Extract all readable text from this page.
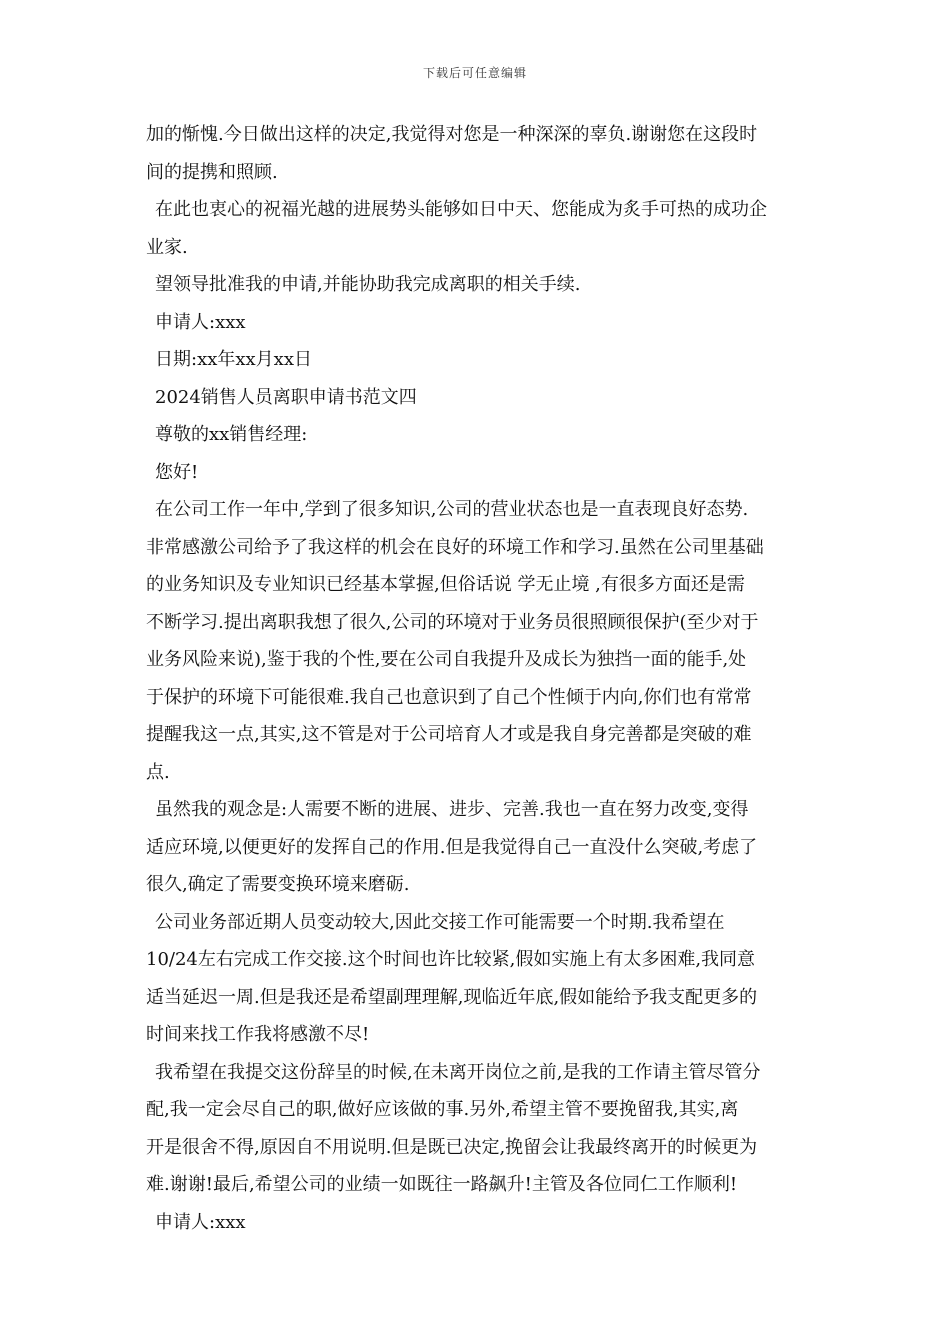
下载后可任意编辑
加的惭愧.今日做出这样的决定,我觉得对您是一种深深的辜负.谢谢您在这段时
间的提携和照顾.
在此也衷心的祝福光越的进展势头能够如日中天、您能成为炙手可热的成功企
业家.
望领导批准我的申请,并能协助我完成离职的相关手续.
申请人:xxx
日期:xx年xx月xx日
2024销售人员离职申请书范文四
尊敬的xx销售经理:
您好!
在公司工作一年中,学到了很多知识,公司的营业状态也是一直表现良好态势.
非常感激公司给予了我这样的机会在良好的环境工作和学习.虽然在公司里基础
的业务知识及专业知识已经基本掌握,但俗话说 学无止境 ,有很多方面还是需
不断学习.提出离职我想了很久,公司的环境对于业务员很照顾很保护(至少对于
业务风险来说),鉴于我的个性,要在公司自我提升及成长为独挡一面的能手,处
于保护的环境下可能很难.我自己也意识到了自己个性倾于内向,你们也有常常
提醒我这一点,其实,这不管是对于公司培育人才或是我自身完善都是突破的难
点.
虽然我的观念是:人需要不断的进展、进步、完善.我也一直在努力改变,变得
适应环境,以便更好的发挥自己的作用.但是我觉得自己一直没什么突破,考虑了
很久,确定了需要变换环境来磨砺.
公司业务部近期人员变动较大,因此交接工作可能需要一个时期.我希望在
10/24左右完成工作交接.这个时间也许比较紧,假如实施上有太多困难,我同意
适当延迟一周.但是我还是希望副理理解,现临近年底,假如能给予我支配更多的
时间来找工作我将感激不尽!
我希望在我提交这份辞呈的时候,在未离开岗位之前,是我的工作请主管尽管分
配,我一定会尽自己的职,做好应该做的事.另外,希望主管不要挽留我,其实,离
开是很舍不得,原因自不用说明.但是既已决定,挽留会让我最终离开的时候更为
难.谢谢!最后,希望公司的业绩一如既往一路飙升!主管及各位同仁工作顺利!
申请人:xxx
